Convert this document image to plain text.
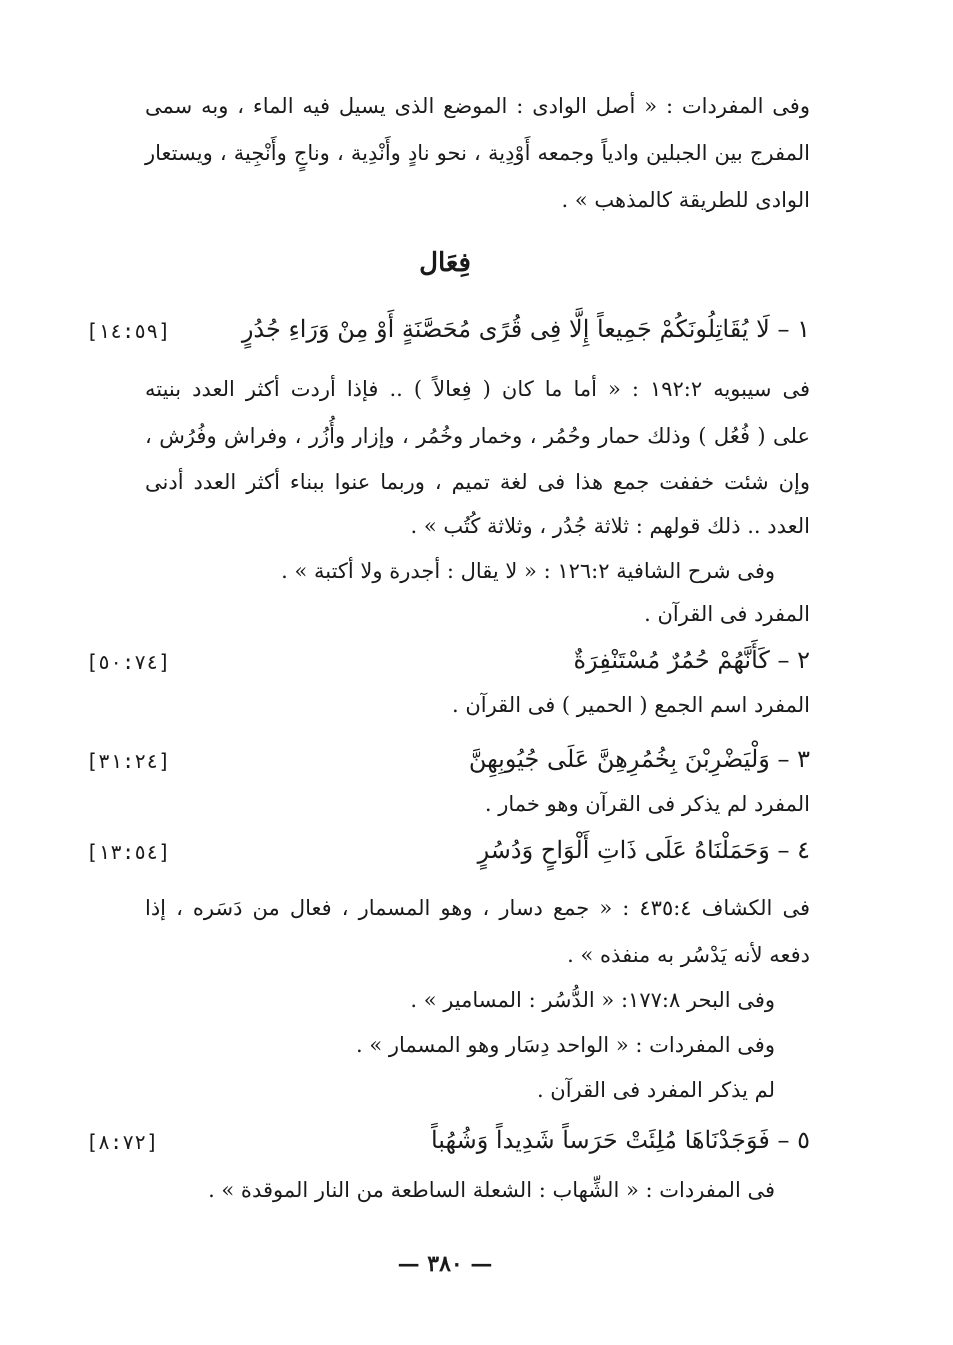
وفى المفردات : « أصل الوادى : الموضع الذى يسيل فيه الماء ، وبه سمى
المفرج بين الجبلين وادياً وجمعه أَوْدِية ، نحو نادٍ وأَنْدِية ، وناجٍ وأَنْجِية ، ويستعار
الوادى للطريقة كالمذهب » .
فِعَال
١ – لَا يُقَاتِلُونَكُمْ جَمِيعاً إِلَّا فِى قُرًى مُحَصَّنَةٍ أَوْ مِنْ وَرَاءِ جُدُرٍ
[١٤:٥٩]
فى سيبويه ١٩٢:٢ : « أما ما كان ( فِعالاً ) .. فإذا أردت أكثر العدد بنيته
على ( فُعُل ) وذلك حمار وحُمُر ، وخمار وخُمُر ، وإزار وأُزُر ، وفراش وفُرُش ،
وإن شئت خففت جمع هذا فى لغة تميم ، وربما عنوا ببناء أكثر العدد أدنى
العدد .. ذلك قولهم : ثلاثة جُدُر ، وثلاثة كُتُب » .
وفى شرح الشافية ١٢٦:٢ : « لا يقال : أجدرة ولا أكتبة » .
المفرد فى القرآن .
٢ – كَأَنَّهُمْ حُمُرٌ مُسْتَنْفِرَةٌ
[٥٠:٧٤]
المفرد اسم الجمع ( الحمير ) فى القرآن .
٣ – وَلْيَضْرِبْنَ بِخُمُرِهِنَّ عَلَى جُيُوبِهِنَّ
[٣١:٢٤]
المفرد لم يذكر فى القرآن وهو خمار .
٤ – وَحَمَلْنَاهُ عَلَى ذَاتِ أَلْوَاحٍ وَدُسُرٍ
[١٣:٥٤]
فى الكشاف ٤٣٥:٤ : « جمع دسار ، وهو المسمار ، فعال من دَسَره ، إذا
دفعه لأنه يَدْسُر به منفذه » .
وفى البحر ١٧٧:٨: « الدُّسُر : المسامير » .
وفى المفردات : « الواحد دِسَار وهو المسمار » .
لم يذكر المفرد فى القرآن .
٥ – فَوَجَدْنَاهَا مُلِئَتْ حَرَساً شَدِيداً وَشُهُباً
[٨:٧٢]
فى المفردات : « الشِّهاب : الشعلة الساطعة من النار الموقدة » .
— ٣٨٠ —
